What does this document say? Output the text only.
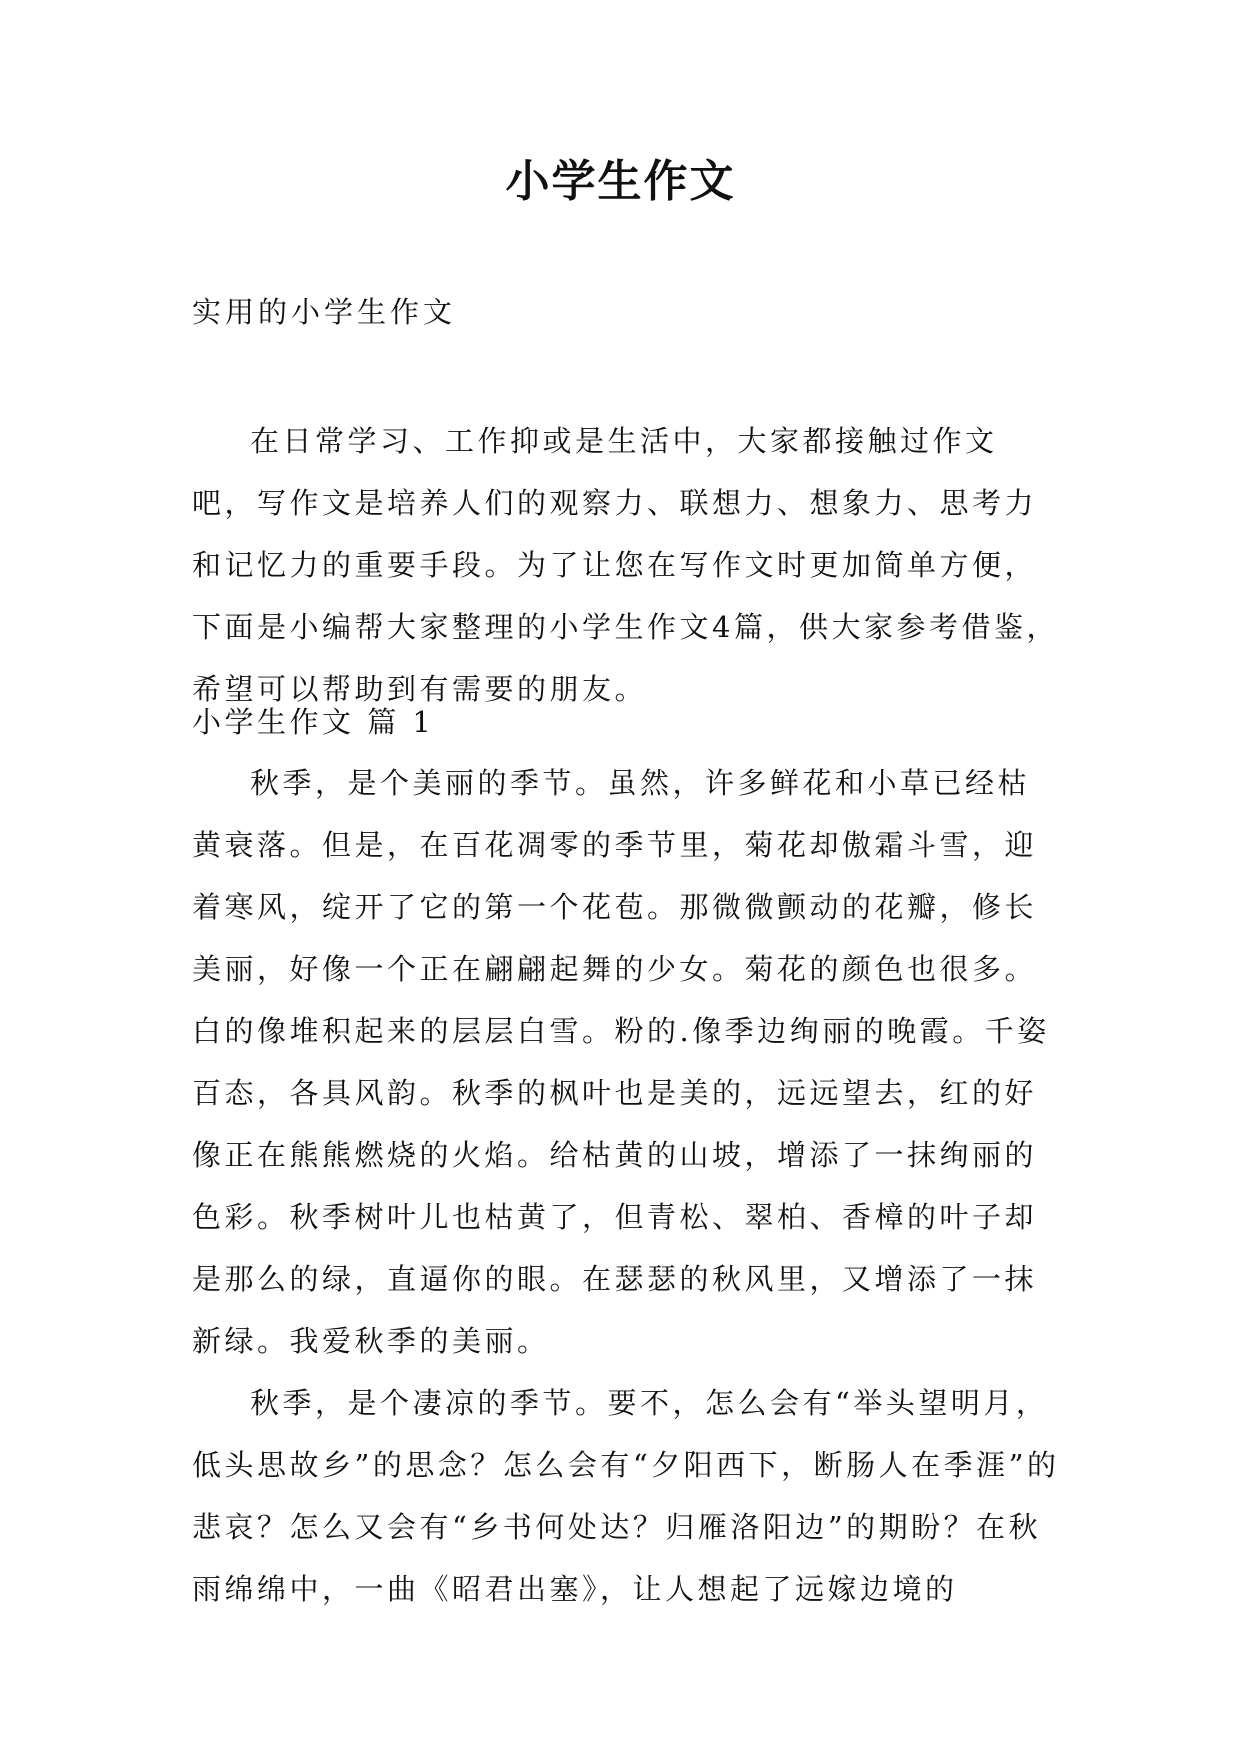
小学生作文
实用的小学生作文

在日常学习、工作抑或是生活中，大家都接触过作文吧，写作文是培养人们的观察力、联想力、想象力、思考力和记忆力的重要手段。为了让您在写作文时更加简单方便，下面是小编帮大家整理的小学生作文4篇，供大家参考借鉴，希望可以帮助到有需要的朋友。

小学生作文 篇 1

秋季，是个美丽的季节。虽然，许多鲜花和小草已经枯黄衰落。但是，在百花凋零的季节里，菊花却傲霜斗雪，迎着寒风，绽开了它的第一个花苞。那微微颤动的花瓣，修长美丽，好像一个正在翩翩起舞的少女。菊花的颜色也很多。白的像堆积起来的层层白雪。粉的.像季边绚丽的晚霞。千姿百态，各具风韵。秋季的枫叶也是美的，远远望去，红的好像正在熊熊燃烧的火焰。给枯黄的山坡，增添了一抹绚丽的色彩。秋季树叶儿也枯黄了，但青松、翠柏、香樟的叶子却是那么的绿，直逼你的眼。在瑟瑟的秋风里，又增添了一抹新绿。我爱秋季的美丽。

秋季，是个凄凉的季节。要不，怎么会有“举头望明月，低头思故乡”的思念？怎么会有“夕阳西下，断肠人在季涯”的悲哀？怎么又会有“乡书何处达？归雁洛阳边”的期盼？在秋雨绵绵中，一曲《昭君出塞》，让人想起了远嫁边境的
